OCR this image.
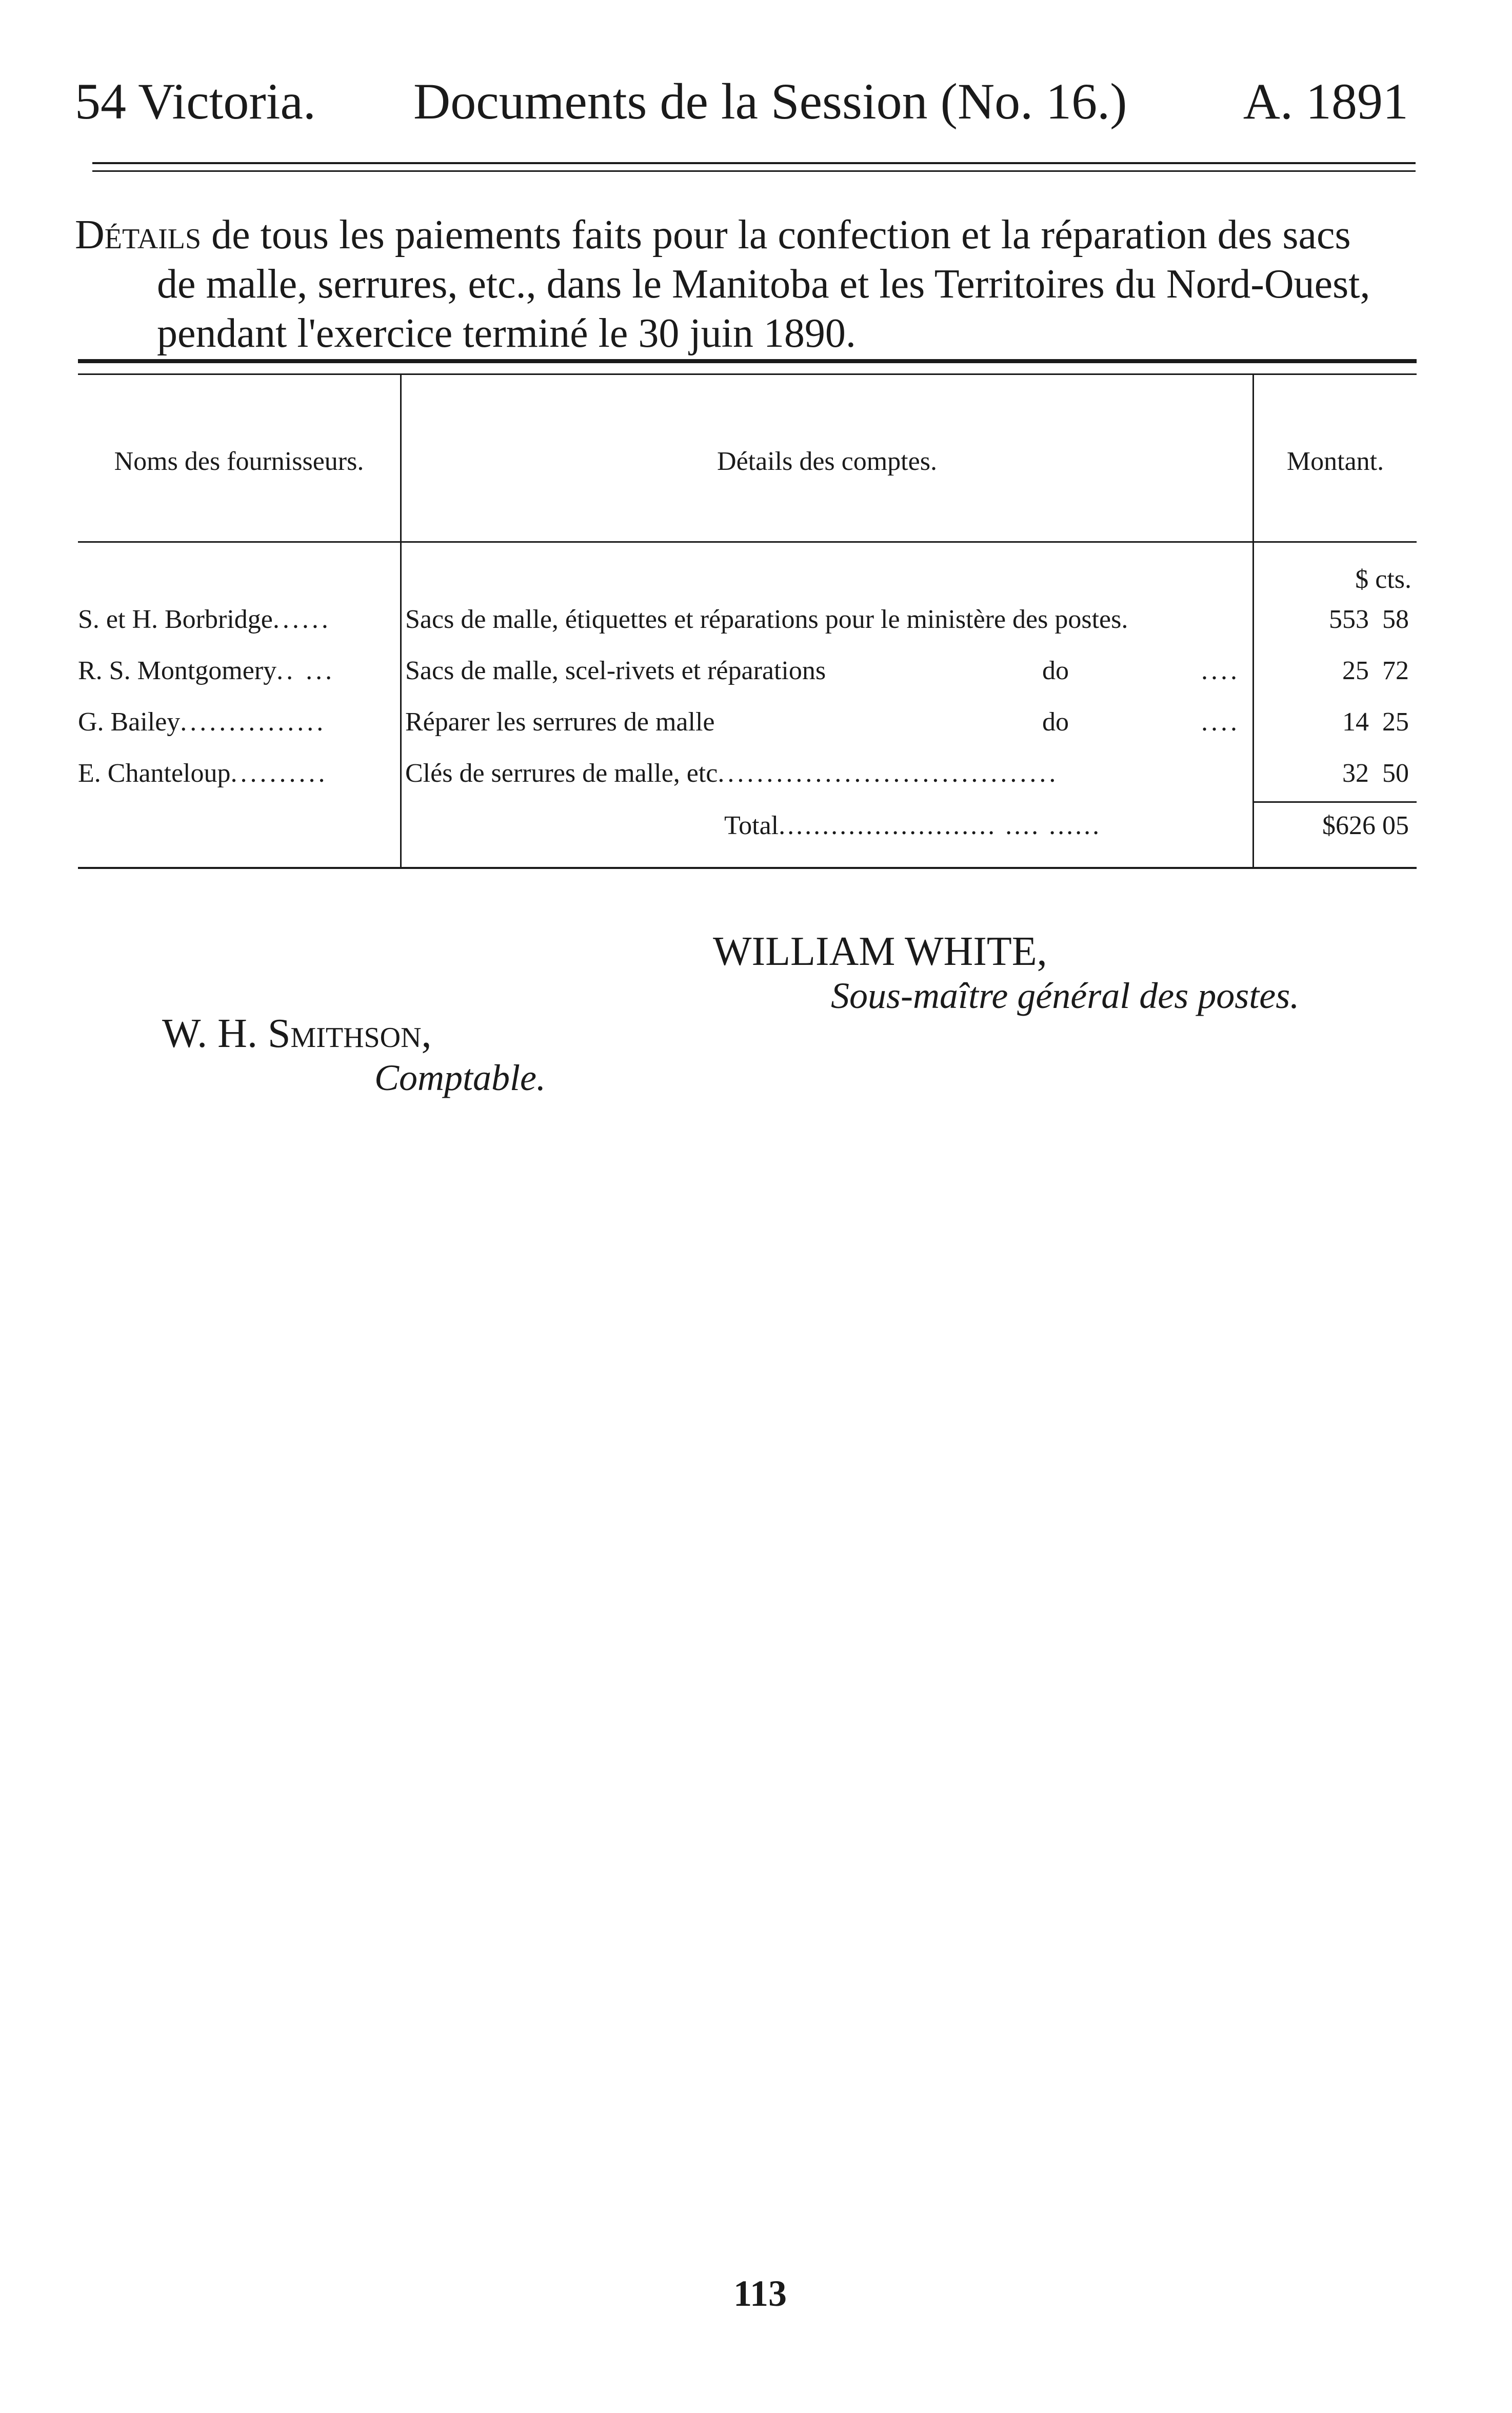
54 Victoria. Documents de la Session (No. 16.) A. 1891
Détails de tous les paiements faits pour la confection et la réparation des sacs
de malle, serrures, etc., dans le Manitoba et les Territoires du Nord-Ouest,
pendant l'exercice terminé le 30 juin 1890.
Noms des fournisseurs.	Détails des comptes.	Montant.
$ cts.
S. et H. Borbridge......	Sacs de malle, étiquettes et réparations pour le ministère des postes.	553 58
R. S. Montgomery.. ...	Sacs de malle, scel-rivets et réparations	do	....	25 72
G. Bailey...............	Réparer les serrures de malle	do	....	14 25
E. Chanteloup..........	Clés de serrures de malle, etc...................................	32 50
Total......................... .... ......	$626 05
WILLIAM WHITE,
Sous-maître général des postes.
W. H. Smithson,
Comptable.
113
